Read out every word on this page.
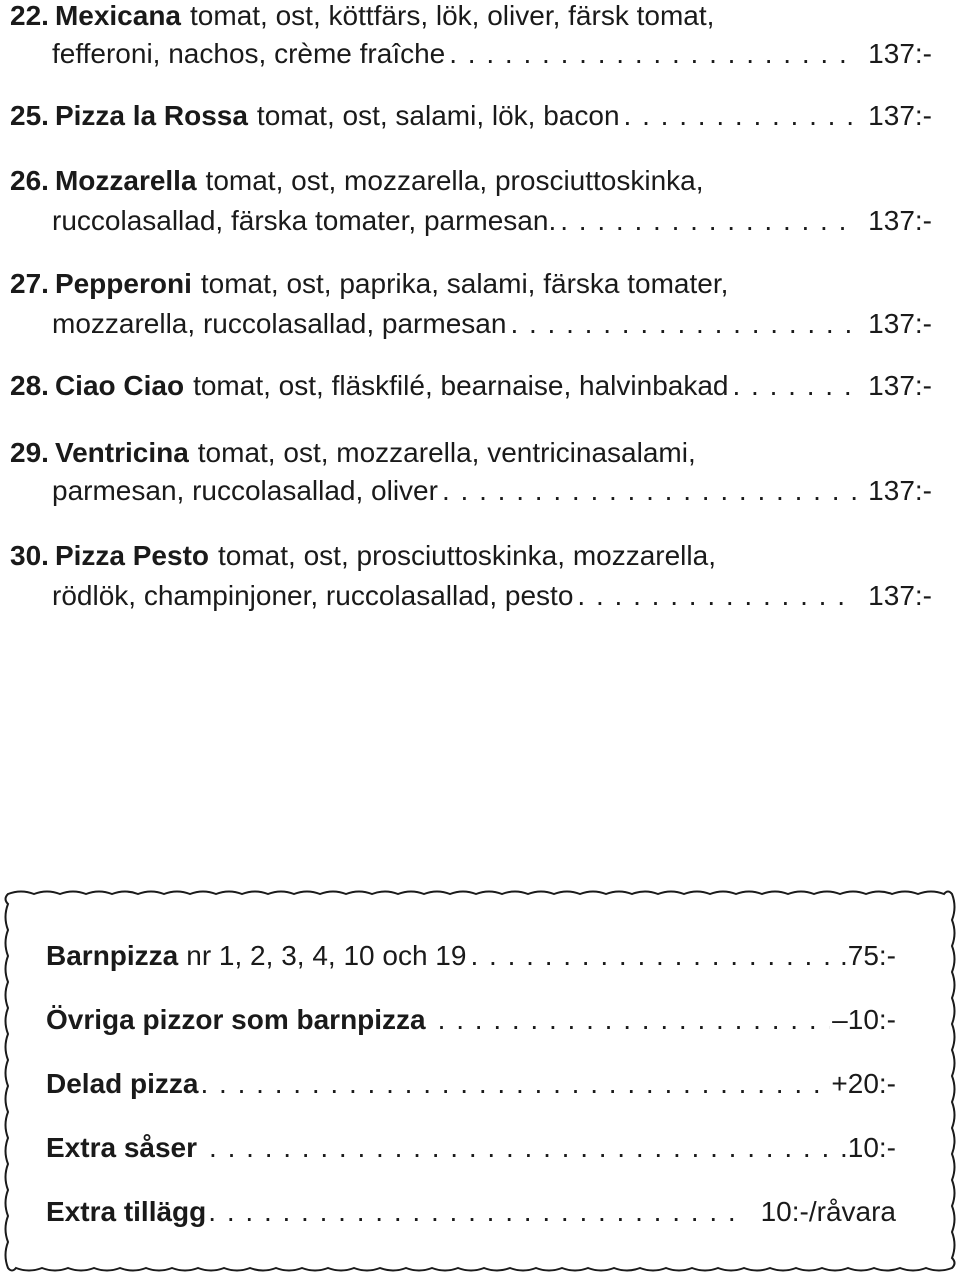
22. Mexicana tomat, ost, köttfärs, lök, oliver, färsk tomat,
fefferoni, nachos, crème fraîche . . .	137:-
25. Pizza la Rossa tomat, ost, salami, lök, bacon . . .	137:-
26. Mozzarella tomat, ost, mozzarella, prosciuttoskinka,
ruccolasallad, färska tomater, parmesan. . . .	137:-
27. Pepperoni tomat, ost, paprika, salami, färska tomater,
mozzarella, ruccolasallad, parmesan . . .	137:-
28. Ciao Ciao tomat, ost, fläskfilé, bearnaise, halvinbakad . . .	137:-
29. Ventricina tomat, ost, mozzarella, ventricinasalami,
parmesan, ruccolasallad, oliver . . .	137:-
30. Pizza Pesto tomat, ost, prosciuttoskinka, mozzarella,
rödlök, champinjoner, ruccolasallad, pesto . . .	137:-
Barnpizza nr 1, 2, 3, 4, 10 och 19 . . .	.75:-
Övriga pizzor som barnpizza . . .	–10:-
Delad pizza . . .	+20:-
Extra såser . . .	10:-
Extra tillägg . . .	10:-/råvara
